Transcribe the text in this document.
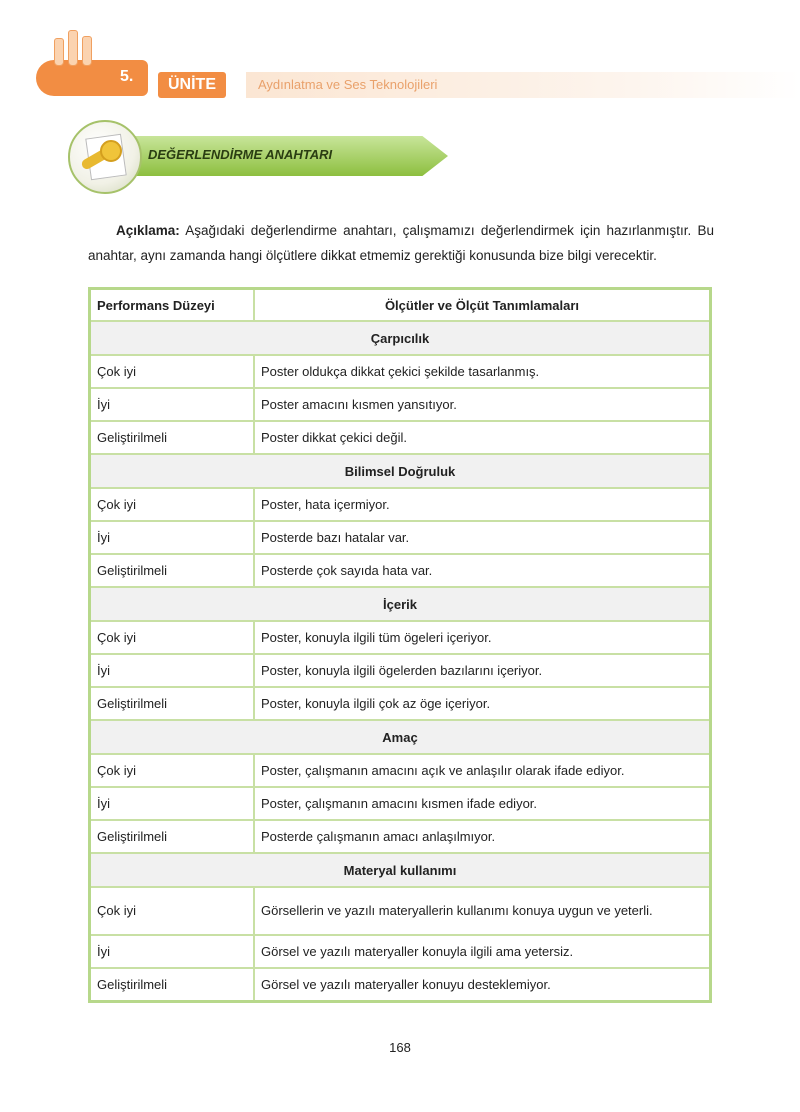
5.	ÜNİTE	Aydınlatma ve Ses Teknolojileri
DEĞERLENDİRME ANAHTARI

Açıklama: Aşağıdaki değerlendirme anahtarı, çalışmamızı değerlendirmek için hazırlanmıştır. Bu anahtar, aynı zamanda hangi ölçütlere dikkat etmemiz gerektiği konusunda bize bilgi verecektir.

Performans Düzeyi	Ölçütler ve Ölçüt Tanımlamaları
Çarpıcılık	
Çok iyi	Poster oldukça dikkat çekici şekilde tasarlanmış.
İyi	Poster amacını kısmen yansıtıyor.
Geliştirilmeli	Poster dikkat çekici değil.
Bilimsel Doğruluk	
Çok iyi	Poster, hata içermiyor.
İyi	Posterde bazı hatalar var.
Geliştirilmeli	Posterde çok sayıda hata var.
İçerik	
Çok iyi	Poster, konuyla ilgili tüm ögeleri içeriyor.
İyi	Poster, konuyla ilgili ögelerden bazılarını içeriyor.
Geliştirilmeli	Poster, konuyla ilgili çok az öge içeriyor.
Amaç	
Çok iyi	Poster, çalışmanın amacını açık ve anlaşılır olarak ifade ediyor.
İyi	Poster, çalışmanın amacını kısmen ifade ediyor.
Geliştirilmeli	Posterde çalışmanın amacı anlaşılmıyor.
Materyal kullanımı	
Çok iyi	Görsellerin ve yazılı materyallerin kullanımı konuya uygun ve yeterli.
İyi	Görsel ve yazılı materyaller konuyla ilgili ama yetersiz.
Geliştirilmeli	Görsel ve yazılı materyaller konuyu desteklemiyor.
168
